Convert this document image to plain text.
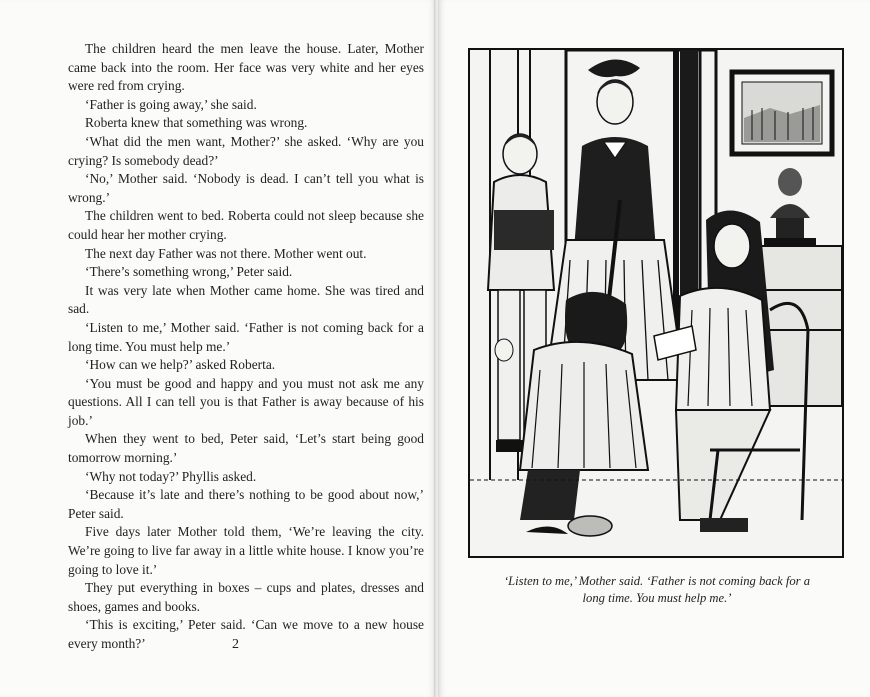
The children heard the men leave the house. Later, Mother came back into the room. Her face was very white and her eyes were red from crying.

‘Father is going away,’ she said.

Roberta knew that something was wrong.

‘What did the men want, Mother?’ she asked. ‘Why are you crying? Is somebody dead?’

‘No,’ Mother said. ‘Nobody is dead. I can’t tell you what is wrong.’

The children went to bed. Roberta could not sleep because she could hear her mother crying.

The next day Father was not there. Mother went out.

‘There’s something wrong,’ Peter said.

It was very late when Mother came home. She was tired and sad.

‘Listen to me,’ Mother said. ‘Father is not coming back for a long time. You must help me.’

‘How can we help?’ asked Roberta.

‘You must be good and happy and you must not ask me any questions. All I can tell you is that Father is away because of his job.’

When they went to bed, Peter said, ‘Let’s start being good tomorrow morning.’

‘Why not today?’ Phyllis asked.

‘Because it’s late and there’s nothing to be good about now,’ Peter said.

Five days later Mother told them, ‘We’re leaving the city. We’re going to live far away in a little white house. I know you’re going to love it.’

They put everything in boxes – cups and plates, dresses and shoes, games and books.

‘This is exciting,’ Peter said. ‘Can we move to a new house every month?’	2
‘Listen to me,’ Mother said. ‘Father is not coming back for a
long time. You must help me.’
